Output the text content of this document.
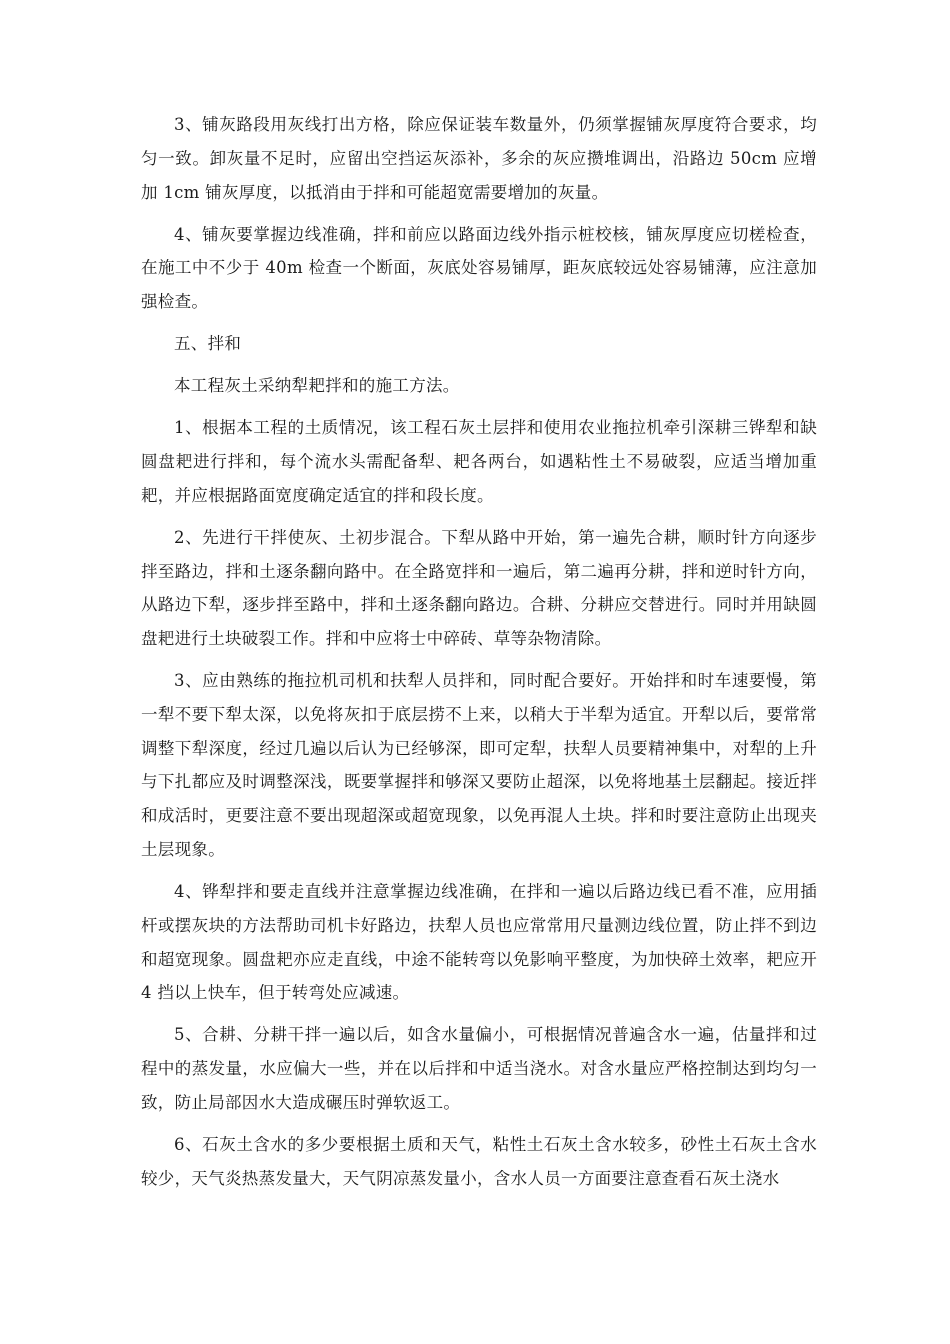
3、铺灰路段用灰线打出方格，除应保证装车数量外，仍须掌握铺灰厚度符合要求，均匀一致。卸灰量不足时，应留出空挡运灰添补，多余的灰应攒堆调出，沿路边 50cm 应增加 1cm 铺灰厚度，以抵消由于拌和可能超宽需要增加的灰量。

4、铺灰要掌握边线准确，拌和前应以路面边线外指示桩校核，铺灰厚度应切槎检查，在施工中不少于 40m 检查一个断面，灰底处容易铺厚，距灰底较远处容易铺薄，应注意加强检查。

五、拌和

本工程灰土采纳犁耙拌和的施工方法。

1、根据本工程的土质情况，该工程石灰土层拌和使用农业拖拉机牵引深耕三铧犁和缺圆盘耙进行拌和，每个流水头需配备犁、耙各两台，如遇粘性土不易破裂，应适当增加重耙，并应根据路面宽度确定适宜的拌和段长度。

2、先进行干拌使灰、土初步混合。下犁从路中开始，第一遍先合耕，顺时针方向逐步拌至路边，拌和土逐条翻向路中。在全路宽拌和一遍后，第二遍再分耕，拌和逆时针方向，从路边下犁，逐步拌至路中，拌和土逐条翻向路边。合耕、分耕应交替进行。同时并用缺圆盘耙进行土块破裂工作。拌和中应将士中碎砖、草等杂物清除。

3、应由熟练的拖拉机司机和扶犁人员拌和，同时配合要好。开始拌和时车速要慢，第一犁不要下犁太深，以免将灰扣于底层捞不上来，以稍大于半犁为适宜。开犁以后，要常常调整下犁深度，经过几遍以后认为已经够深，即可定犁，扶犁人员要精神集中，对犁的上升与下扎都应及时调整深浅，既要掌握拌和够深又要防止超深，以免将地基土层翻起。接近拌和成活时，更要注意不要出现超深或超宽现象，以免再混人土块。拌和时要注意防止出现夹土层现象。

4、铧犁拌和要走直线并注意掌握边线准确，在拌和一遍以后路边线已看不准，应用插杆或摆灰块的方法帮助司机卡好路边，扶犁人员也应常常用尺量测边线位置，防止拌不到边和超宽现象。圆盘耙亦应走直线，中途不能转弯以免影响平整度，为加快碎土效率，耙应开 4 挡以上快车，但于转弯处应减速。

5、合耕、分耕干拌一遍以后，如含水量偏小，可根据情况普遍含水一遍，估量拌和过程中的蒸发量，水应偏大一些，并在以后拌和中适当浇水。对含水量应严格控制达到均匀一致，防止局部因水大造成碾压时弹软返工。

6、石灰土含水的多少要根据土质和天气，粘性土石灰土含水较多，砂性土石灰土含水较少，天气炎热蒸发量大，天气阴凉蒸发量小，含水人员一方面要注意查看石灰土浇水
